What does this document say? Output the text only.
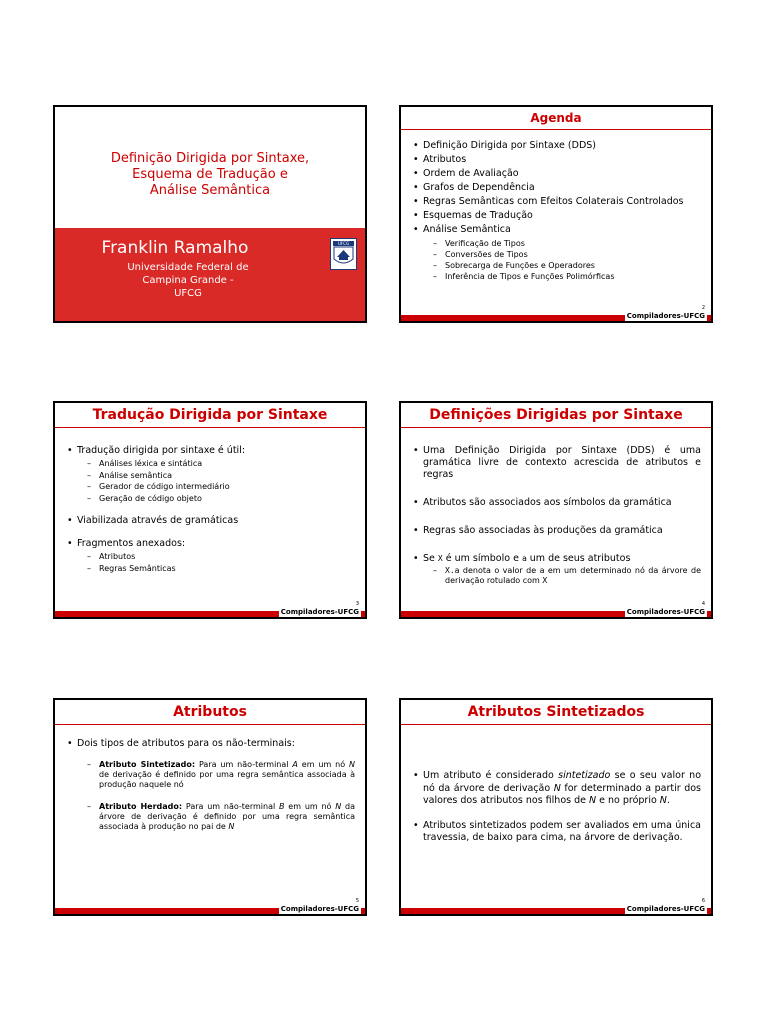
Definição Dirigida por Sintaxe,
Esquema de Tradução e
Análise Semântica
Franklin Ramalho
Universidade Federal de Campina Grande -
UFCG
UFCG
Agenda
• Definição Dirigida por Sintaxe (DDS)
• Atributos
• Ordem de Avaliação
• Grafos de Dependência
• Regras Semânticas com Efeitos Colaterais Controlados
• Esquemas de Tradução
• Análise Semântica
– Verificação de Tipos
– Conversões de Tipos
– Sobrecarga de Funções e Operadores
– Inferência de Tipos e Funções Polimórficas
2
Compiladores-UFCG
Tradução Dirigida por Sintaxe
• Tradução dirigida por sintaxe é útil:
– Análises léxica e sintática
– Análise semântica
– Gerador de código intermediário
– Geração de código objeto
• Viabilizada através de gramáticas
• Fragmentos anexados:
– Atributos
– Regras Semânticas
3
Compiladores-UFCG
Definições Dirigidas por Sintaxe
• Uma Definição Dirigida por Sintaxe (DDS) é uma gramática livre de contexto acrescida de atributos e regras
• Atributos são associados aos símbolos da gramática
• Regras são associadas às produções da gramática
• Se X é um símbolo e a um de seus atributos
– X.a denota o valor de a em um determinado nó da árvore de derivação rotulado com X
4
Compiladores-UFCG
Atributos
• Dois tipos de atributos para os não-terminais:
– Atributo Sintetizado: Para um não-terminal A em um nó N de derivação é definido por uma regra semântica associada à produção naquele nó
– Atributo Herdado: Para um não-terminal B em um nó N da árvore de derivação é definido por uma regra semântica associada à produção no pai de N
5
Compiladores-UFCG
Atributos Sintetizados
• Um atributo é considerado sintetizado se o seu valor no nó da árvore de derivação N for determinado a partir dos valores dos atributos nos filhos de N e no próprio N.
• Atributos sintetizados podem ser avaliados em uma única travessia, de baixo para cima, na árvore de derivação.
6
Compiladores-UFCG
